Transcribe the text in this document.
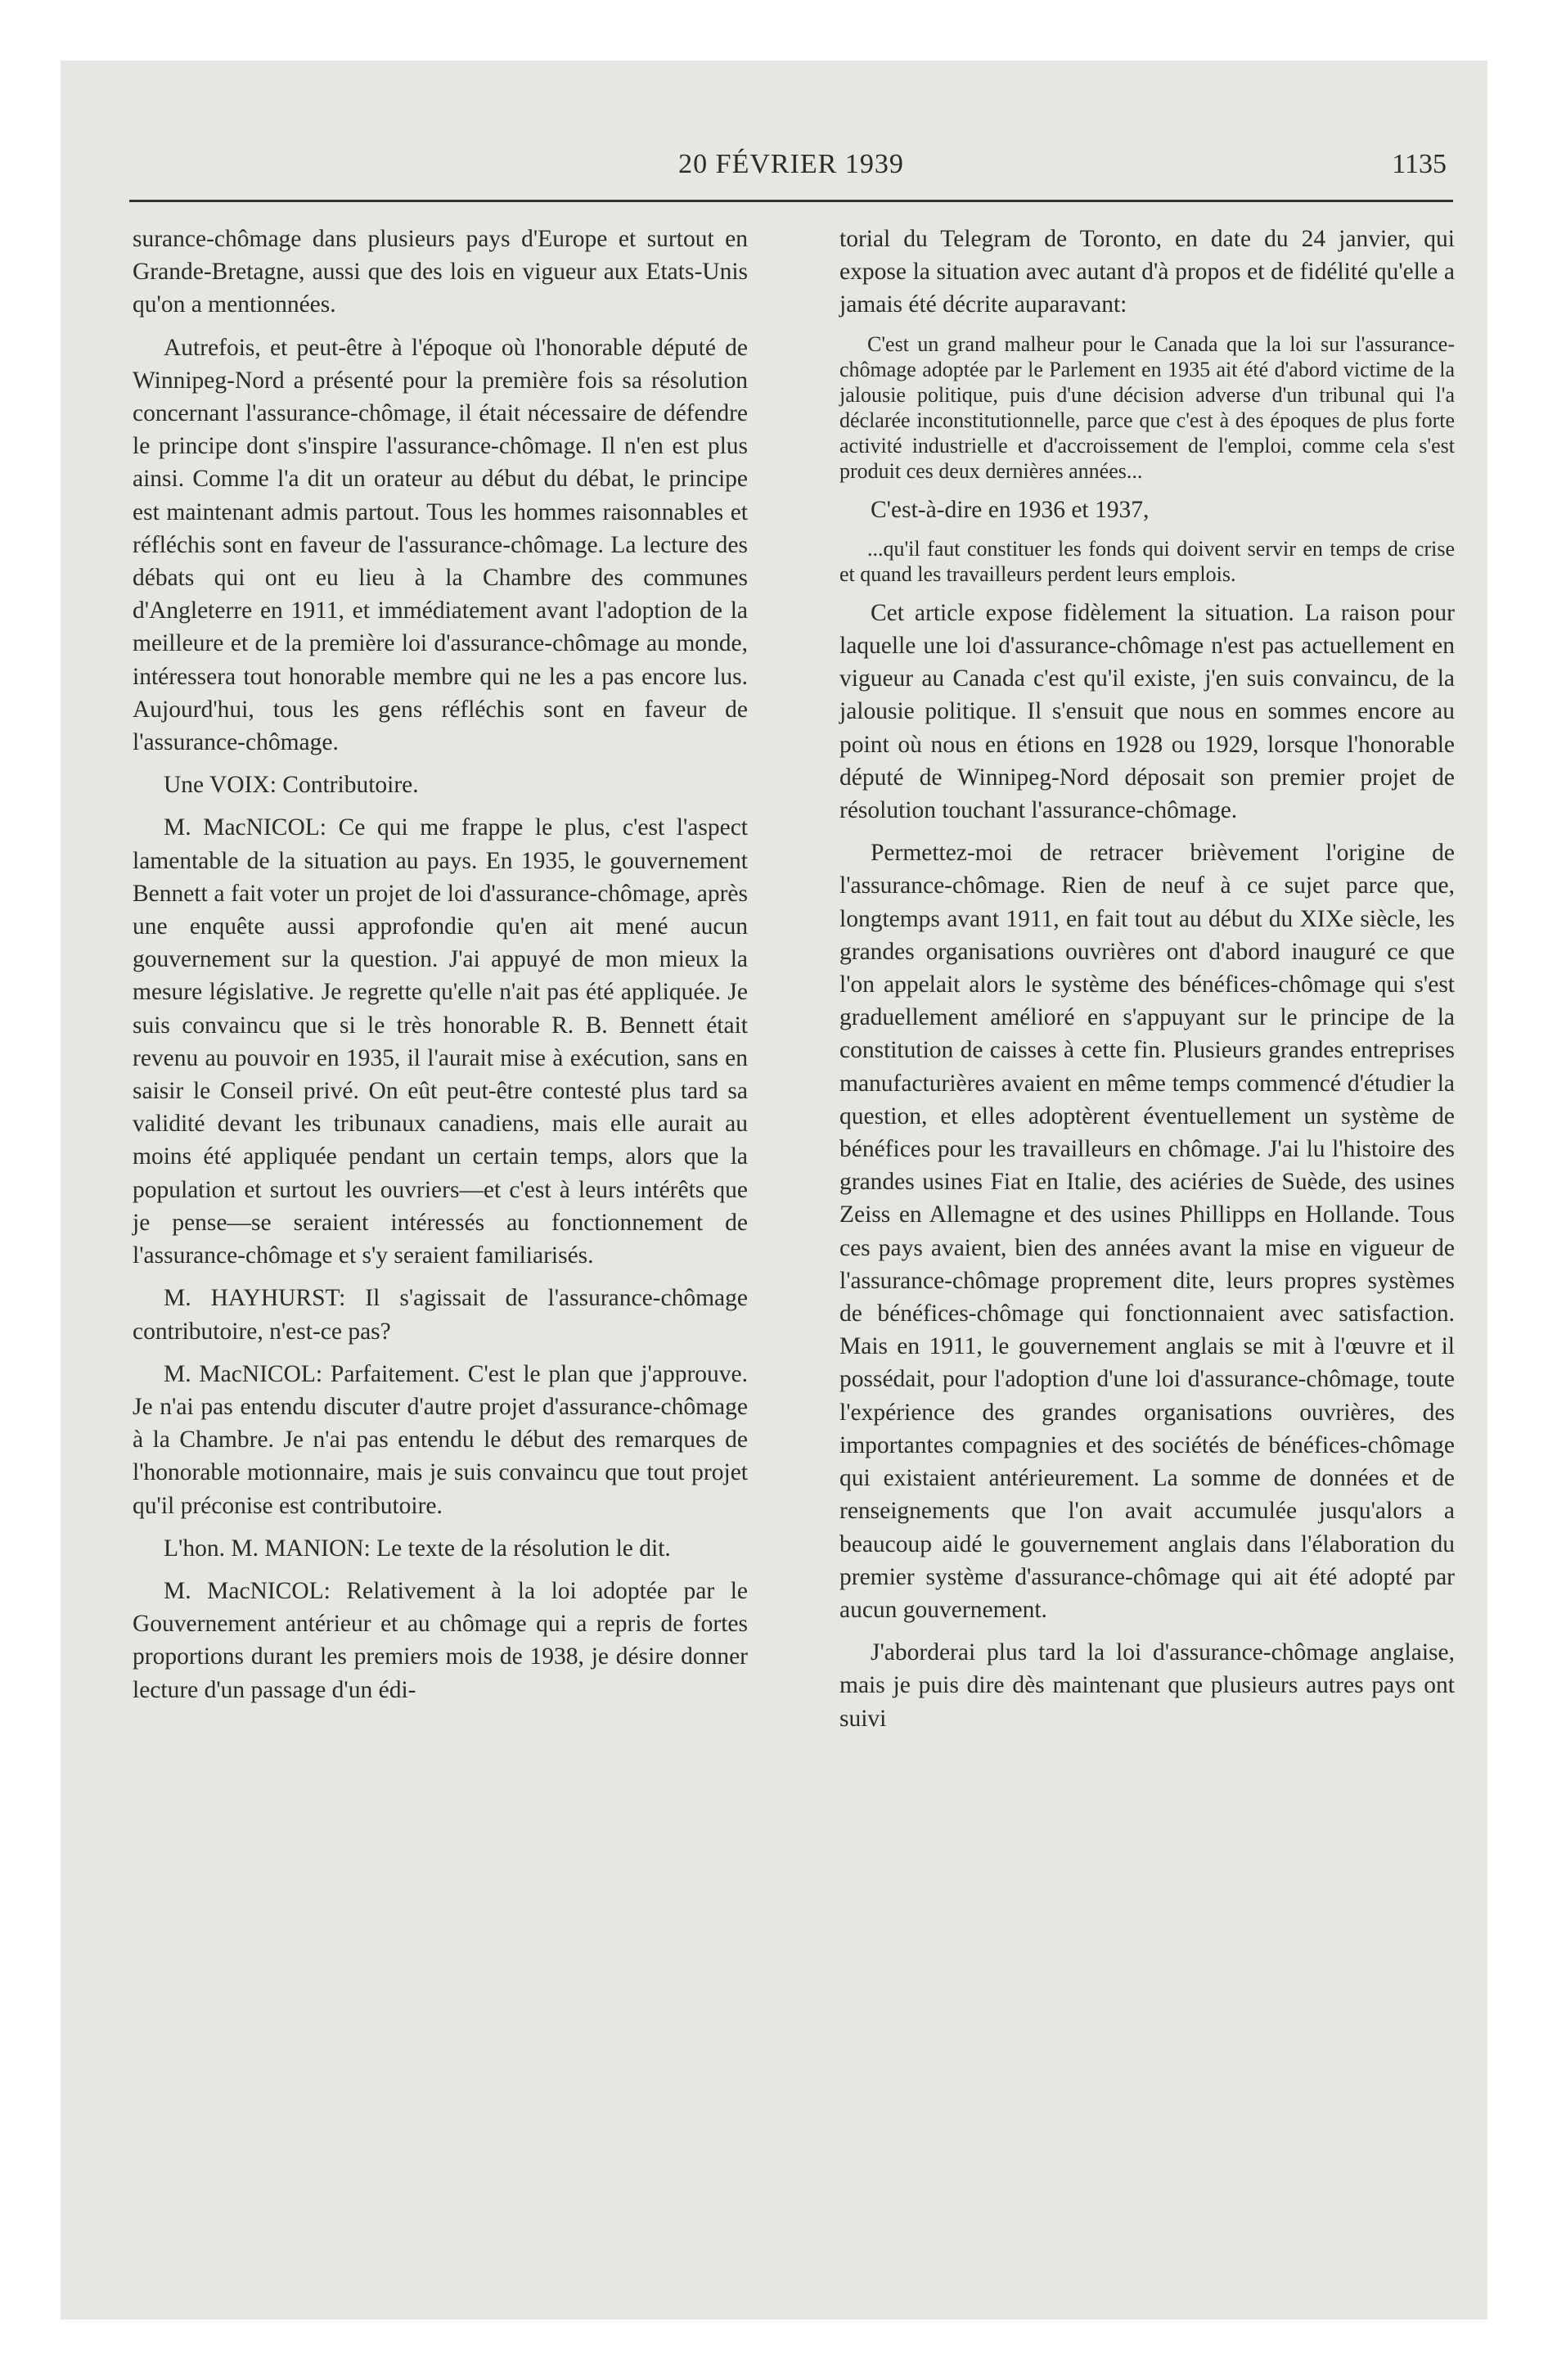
20 FÉVRIER 1939	1135

surance-chômage dans plusieurs pays d'Europe et surtout en Grande-Bretagne, aussi que des lois en vigueur aux Etats-Unis qu'on a mentionnées.

Autrefois, et peut-être à l'époque où l'honorable député de Winnipeg-Nord a présenté pour la première fois sa résolution concernant l'assurance-chômage, il était nécessaire de défendre le principe dont s'inspire l'assurance-chômage. Il n'en est plus ainsi. Comme l'a dit un orateur au début du débat, le principe est maintenant admis partout. Tous les hommes raisonnables et réfléchis sont en faveur de l'assurance-chômage. La lecture des débats qui ont eu lieu à la Chambre des communes d'Angleterre en 1911, et immédiatement avant l'adoption de la meilleure et de la première loi d'assurance-chômage au monde, intéressera tout honorable membre qui ne les a pas encore lus. Aujourd'hui, tous les gens réfléchis sont en faveur de l'assurance-chômage.

Une VOIX: Contributoire.

M. MacNICOL: Ce qui me frappe le plus, c'est l'aspect lamentable de la situation au pays. En 1935, le gouvernement Bennett a fait voter un projet de loi d'assurance-chômage, après une enquête aussi approfondie qu'en ait mené aucun gouvernement sur la question. J'ai appuyé de mon mieux la mesure législative. Je regrette qu'elle n'ait pas été appliquée. Je suis convaincu que si le très honorable R. B. Bennett était revenu au pouvoir en 1935, il l'aurait mise à exécution, sans en saisir le Conseil privé. On eût peut-être contesté plus tard sa validité devant les tribunaux canadiens, mais elle aurait au moins été appliquée pendant un certain temps, alors que la population et surtout les ouvriers—et c'est à leurs intérêts que je pense—se seraient intéressés au fonctionnement de l'assurance-chômage et s'y seraient familiarisés.

M. HAYHURST: Il s'agissait de l'assurance-chômage contributoire, n'est-ce pas?

M. MacNICOL: Parfaitement. C'est le plan que j'approuve. Je n'ai pas entendu discuter d'autre projet d'assurance-chômage à la Chambre. Je n'ai pas entendu le début des remarques de l'honorable motionnaire, mais je suis convaincu que tout projet qu'il préconise est contributoire.

L'hon. M. MANION: Le texte de la résolution le dit.

M. MacNICOL: Relativement à la loi adoptée par le Gouvernement antérieur et au chômage qui a repris de fortes proportions durant les premiers mois de 1938, je désire donner lecture d'un passage d'un édi-

torial du Telegram de Toronto, en date du 24 janvier, qui expose la situation avec autant d'à propos et de fidélité qu'elle a jamais été décrite auparavant:

C'est un grand malheur pour le Canada que la loi sur l'assurance-chômage adoptée par le Parlement en 1935 ait été d'abord victime de la jalousie politique, puis d'une décision adverse d'un tribunal qui l'a déclarée inconstitutionnelle, parce que c'est à des époques de plus forte activité industrielle et d'accroissement de l'emploi, comme cela s'est produit ces deux dernières années...

C'est-à-dire en 1936 et 1937,

...qu'il faut constituer les fonds qui doivent servir en temps de crise et quand les travailleurs perdent leurs emplois.

Cet article expose fidèlement la situation. La raison pour laquelle une loi d'assurance-chômage n'est pas actuellement en vigueur au Canada c'est qu'il existe, j'en suis convaincu, de la jalousie politique. Il s'ensuit que nous en sommes encore au point où nous en étions en 1928 ou 1929, lorsque l'honorable député de Winnipeg-Nord déposait son premier projet de résolution touchant l'assurance-chômage.

Permettez-moi de retracer brièvement l'origine de l'assurance-chômage. Rien de neuf à ce sujet parce que, longtemps avant 1911, en fait tout au début du XIXe siècle, les grandes organisations ouvrières ont d'abord inauguré ce que l'on appelait alors le système des bénéfices-chômage qui s'est graduellement amélioré en s'appuyant sur le principe de la constitution de caisses à cette fin. Plusieurs grandes entreprises manufacturières avaient en même temps commencé d'étudier la question, et elles adoptèrent éventuellement un système de bénéfices pour les travailleurs en chômage. J'ai lu l'histoire des grandes usines Fiat en Italie, des aciéries de Suède, des usines Zeiss en Allemagne et des usines Phillipps en Hollande. Tous ces pays avaient, bien des années avant la mise en vigueur de l'assurance-chômage proprement dite, leurs propres systèmes de bénéfices-chômage qui fonctionnaient avec satisfaction. Mais en 1911, le gouvernement anglais se mit à l'œuvre et il possédait, pour l'adoption d'une loi d'assurance-chômage, toute l'expérience des grandes organisations ouvrières, des importantes compagnies et des sociétés de bénéfices-chômage qui existaient antérieurement. La somme de données et de renseignements que l'on avait accumulée jusqu'alors a beaucoup aidé le gouvernement anglais dans l'élaboration du premier système d'assurance-chômage qui ait été adopté par aucun gouvernement.

J'aborderai plus tard la loi d'assurance-chômage anglaise, mais je puis dire dès maintenant que plusieurs autres pays ont suivi
